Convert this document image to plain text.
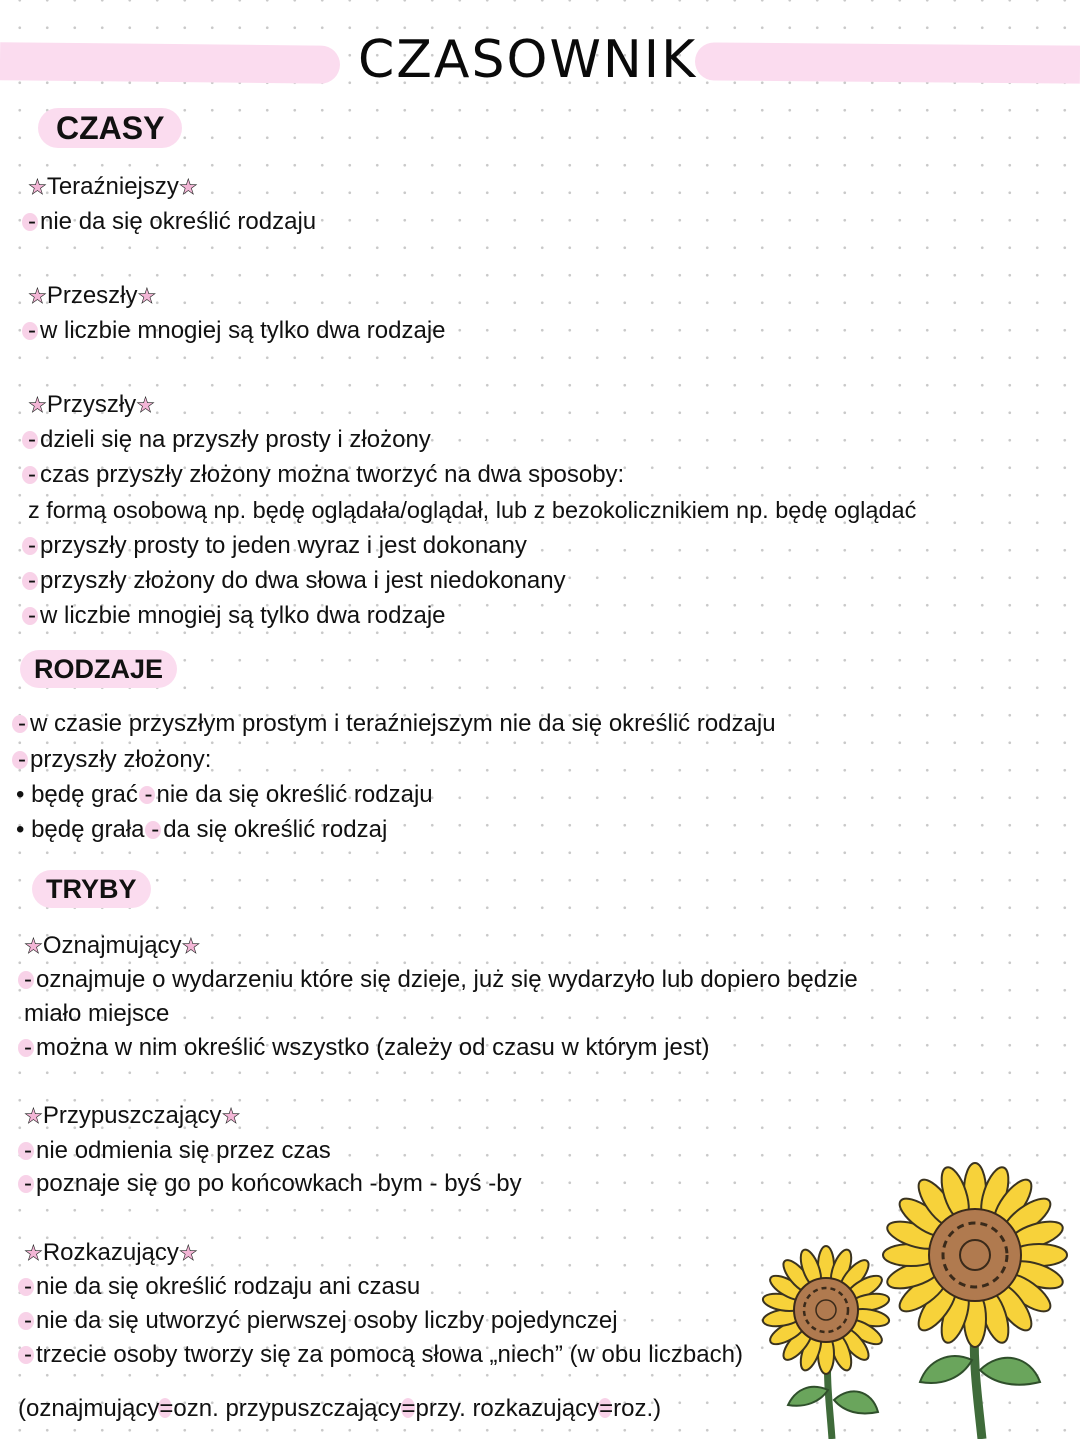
CZASOWNIK
CZASY
★Teraźniejszy★
- nie da się określić rodzaju
★Przeszły★
- w liczbie mnogiej są tylko dwa rodzaje
★Przyszły★
- dzieli się na przyszły prosty i złożony
- czas przyszły złożony można tworzyć na dwa sposoby:
z formą osobową np. będę oglądała/oglądał, lub z bezokolicznikiem np. będę oglądać
- przyszły prosty to jeden wyraz i jest dokonany
- przyszły złożony do dwa słowa i jest niedokonany
- w liczbie mnogiej są tylko dwa rodzaje
RODZAJE
- w czasie przyszłym prostym i teraźniejszym nie da się określić rodzaju
- przyszły złożony:
• będę grać - nie da się określić rodzaju
• będę grała - da się określić rodzaj
TRYBY
★Oznajmujący★
- oznajmuje o wydarzeniu które się dzieje, już się wydarzyło lub dopiero będzie
miało miejsce
- można w nim określić wszystko (zależy od czasu w którym jest)
★Przypuszczający★
- nie odmienia się przez czas
- poznaje się go po końcowkach -bym - byś -by
★Rozkazujący★
- nie da się określić rodzaju ani czasu
- nie da się utworzyć pierwszej osoby liczby pojedynczej
- trzecie osoby tworzy się za pomocą słowa „niech” (w obu liczbach)
(oznajmujący=ozn. przypuszczający=przy. rozkazujący=roz.)
